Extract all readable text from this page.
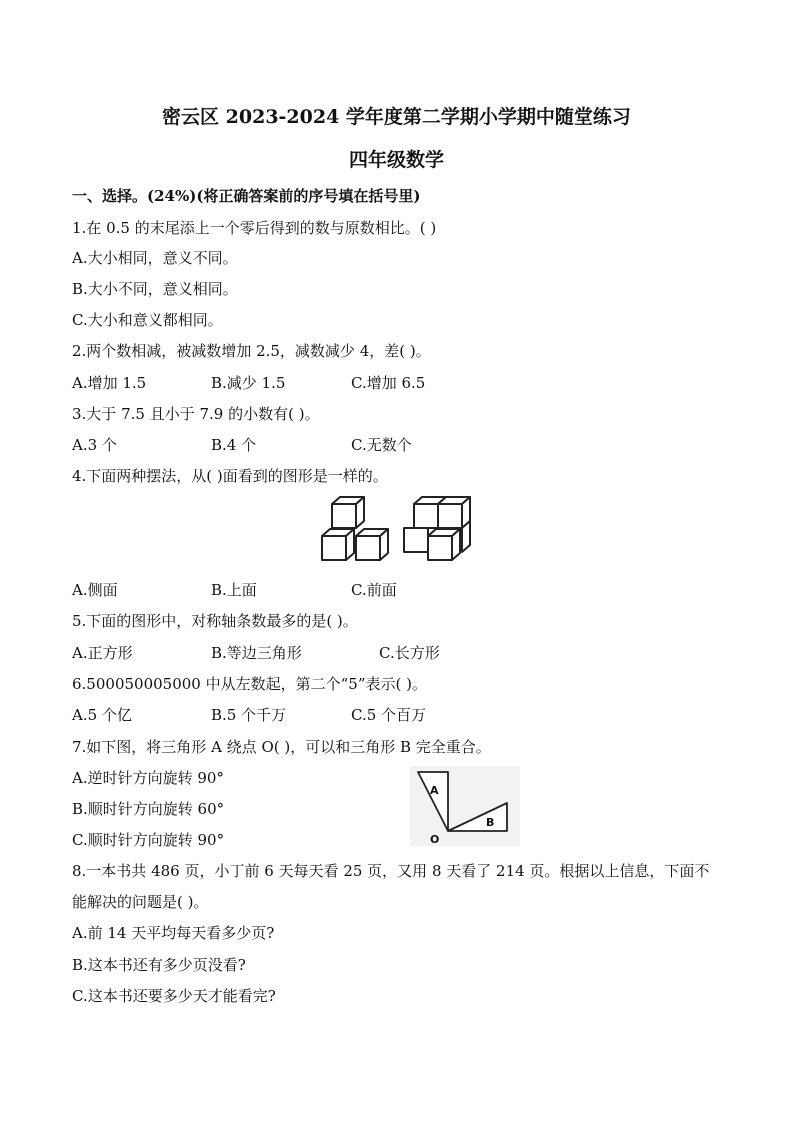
密云区 2023-2024 学年度第二学期小学期中随堂练习
四年级数学
一、选择。(24%)(将正确答案前的序号填在括号里)
1.在 0.5 的末尾添上一个零后得到的数与原数相比。( )
A.大小相同，意义不同。
B.大小不同，意义相同。
C.大小和意义都相同。
2.两个数相减，被减数增加 2.5，减数减少 4，差( )。
A.增加 1.5	B.减少 1.5	C.增加 6.5
3.大于 7.5 且小于 7.9 的小数有( )。
A.3 个	B.4 个	C.无数个
4.下面两种摆法，从( )面看到的图形是一样的。
A.侧面	B.上面	C.前面
5.下面的图形中，对称轴条数最多的是( )。
A.正方形	B.等边三角形	C.长方形
6.500050005000 中从左数起，第二个“5”表示( )。
A.5 个亿	B.5 个千万	C.5 个百万
7.如下图，将三角形 A 绕点 O( )，可以和三角形 B 完全重合。
A.逆时针方向旋转 90°
B.顺时针方向旋转 60°
C.顺时针方向旋转 90°
A
B
O
8.一本书共 486 页，小丁前 6 天每天看 25 页，又用 8 天看了 214 页。根据以上信息，下面不
能解决的问题是( )。
A.前 14 天平均每天看多少页?
B.这本书还有多少页没看?
C.这本书还要多少天才能看完?
